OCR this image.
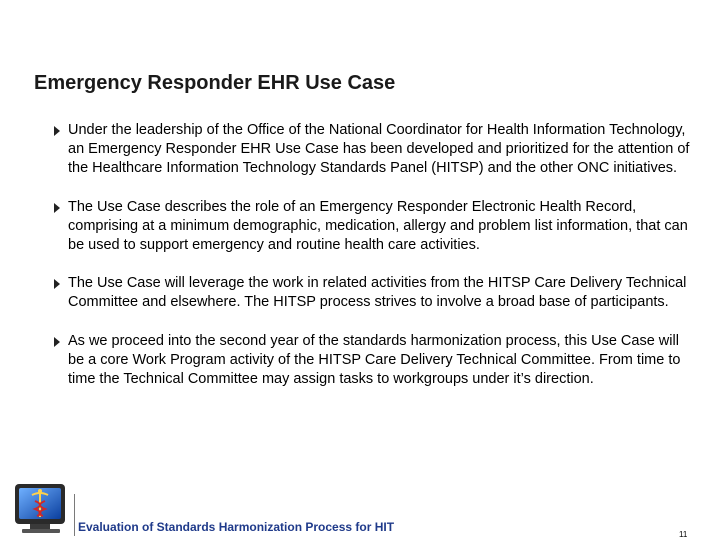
Emergency Responder EHR Use Case
Under the leadership of the Office of the National Coordinator for Health Information Technology, an Emergency Responder EHR Use Case has been developed and prioritized for the attention of the Healthcare Information Technology Standards Panel (HITSP) and the other ONC initiatives.
The Use Case describes the role of an Emergency Responder Electronic Health Record, comprising at a minimum demographic, medication, allergy and problem list information, that can be used to support emergency and routine health care activities.
The Use Case will leverage the work in related activities from the HITSP Care Delivery Technical Committee and elsewhere. The HITSP process strives to involve a broad base of participants.
As we proceed into the second year of the standards harmonization process, this Use Case will be a core Work Program activity of the HITSP Care Delivery Technical Committee. From time to time the Technical Committee may assign tasks to workgroups under it’s direction.
Evaluation of Standards Harmonization Process for HIT
11
